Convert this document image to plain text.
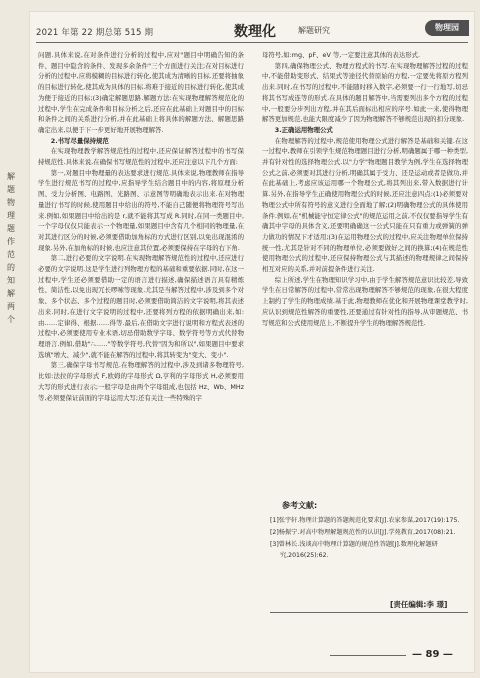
2021 年第 22 期总第 515 期	数理化	解题研究	物理园

问题.具体来说,在对条件进行分析的过程中,应对"题目中明确告知的条件、题目中隐含的条件、发现多余条件"三个方面进行关注;在对目标进行分析的过程中,应将模糊的目标进行转化,使其成为清晰的目标.还要将抽象的目标进行转化,使其成为具体的目标.将难于接近的目标进行转化,使其成为便于接近的目标;(3)确定解题思路.解题方法:在实现物理解答规范化的过程中,学生在完成条件和目标分析之后,还应在此基础上对题目中的目标和条件之间的关系进行分析,并在此基础上将具体的解题方法、解题思路确定出来,以便于下一步更好地开展物理解答.

2.书写尽量保持规范

在实现物理教学解答规范性的过程中,还应保证解答过程中的书写保持规范性.具体来说,在确保书写规范性的过程中,还应注意以下几个方面:

第一,对题目中物理量的表达要求进行规范.具体来说,物理教师在指导学生进行规范书写的过程中,应指导学生结合题目中的内容,将原理分析图、受力分析图、电路图、光路图、示意图等明确地表示出来.在对物理量进行书写的时候,使用题目中给出的符号,不能自己随便将物理符号写出来.例如,如果题目中给出的是 r,就不能将其写成 R.同时,在同一类题目中,一个字母仅仅只能表示一个物理量,如果题目中含有几个相同的物理量,在对其进行区分的时候,必须要借助加角标的方式进行区别,以免出现混淆的现象.另外,在加角标的时候,也应注意其位置,必须要保持在字母的右下角.

第二,进行必要的文字说明.在实现物理解答规范性的过程中,还应进行必要的文字说明.这是学生进行列物理方程的基础和重要依据.同时,在这一过程中,学生还必须要借助一定的语言进行描述,确保描述语言具有精炼性、简洁性,以免出现冗长啰嗦等现象.尤其是当解答过程中,涉及到多个对象、多个状态、多个过程的题目时,必须要借助简洁的文字说明,将其表述出来.同时,在进行文字说明的过程中,还要将列方程的依据明确出来,如:由……定律得、根据……得等.最后,在借助文字进行说明和方程式表述的过程中,必须要使用专业术语,切忌借助数学字母、数学符号等方式代替物理语言.例如,借助"∴……"等数学符号,代替"因为和所以",如果题目中要求选填"增大、减少",就不能在解答的过程中,将其转变为"变大、变小".

第三,确保字母书写规范.在物理解答的过程中,涉及到诸多物理符号,比如:法拉的字母形式 F,欧姆的字母形式 Ω,亨利的字母形式 H,必须要用大写的形式进行表示;一般字母是由两个字母组成,也包括 Hz、Wb、MHz 等,必须要保证前面的字母运用大写;还有关注一些特殊的字

母符号,如:mg、pF、eV 等,一定要注意其体的表达形式.

第四,确保物理公式、物理方程式的书写.在实现物理解答过程的过程中,不能借助变形式、结果式等途径代替原始的方程,一定要先将原方程列出来.同时,在书写的过程中,不能随时移入数字,必须要一行一行地写,切忌将其书写成连等的形式.在具体的题目解答中,当需要列出多个方程的过程中,一般要分步列出方程,并在其后面标出相应的序号.如此一来,使得物理解答更加规范,也能大限度减少了因为物理解答不够规范出现的扣分现象.

3.正确运用物理公式

在物理解答的过程中,规范使用物理公式进行解答是基础和关键.在这一过程中,教师在引领学生规范物理题目进行分析,明确题属于哪一种类型,并有针对性的选择物理公式.以"力学"物理题目教学为例,学生在选择物理公式之前,必须要对其进行分析,明确其属于受力、还是运动或者是做功,并在此基础上,考虑应该运用哪一个物理公式,将其列出来,带入数据进行计算.另外,在指导学生正确使用物理公式的时候,还应注意四点:(1)必须要对物理公式中所有符号的意义进行全面地了解;(2)明确物理公式的具体使用条件.例如,在"机械能守恒定律公式"的规范运用之前,不仅仅要指导学生有确其中字母的具体含义,还要明确确这一公式只能在只有重力或弹簧的弹力做功的情况下才适用;(3)在运用物理公式的过程中,应关注物理单位保持统一性,尤其是针对不同的物理单位,必须要做好之间的换算;(4)在规范性使用物理公式的过程中,还应保持物理公式与其描述的物理规律之间保持相互对应的关系,并对前提条件进行关注.

综上所述,学生在物理知识学习中,由于学生解答规范意识比较差,导致学生在日常解答的过程中,常常出现物理解答不够规范的现象,在很大程度上制约了学生的物理成绩.基于此,物理教师在优化和开展物理课堂教学时,应认识到规范性解答的重要性,还要通过有针对性的指导,从审题规范、书写规范和公式使用规范上,不断提升学生的物理解答规范性.

参考文献:
[1]张宇轩.物理计算题的答题规范化要求[J].农家参谋,2017(19):175.
[2]杨振宁.对高中物理解题规范性的认识[J].学苑教育,2017(08):21.
[3]曾林长.浅谈高中物理计算题的规范性答题[J].数理化解题研究,2016(25):62.
[责任编辑:李 璟]
— 89 —
解
题
物
理
题
作
范
的
知
解
两
个
